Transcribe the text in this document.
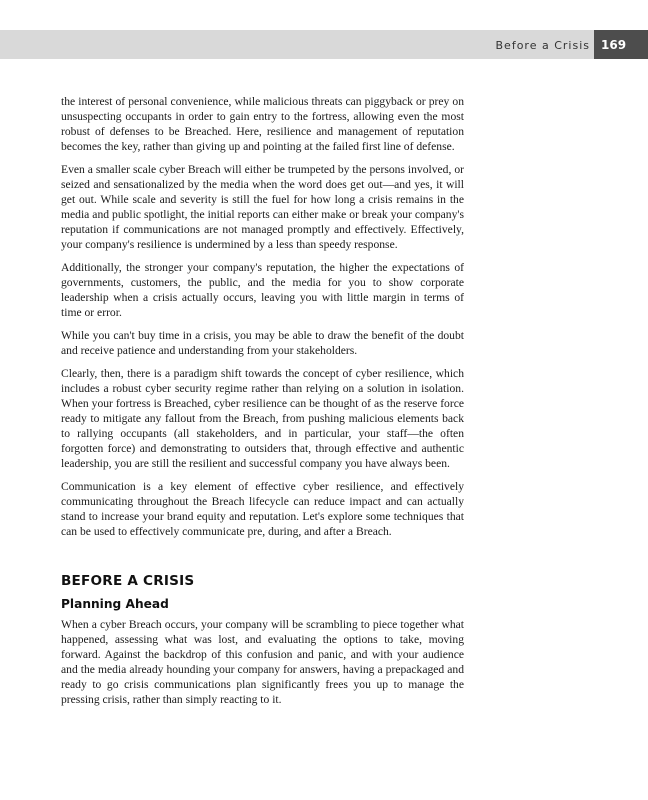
Before a Crisis 169

the interest of personal convenience, while malicious threats can piggyback or prey on unsuspecting occupants in order to gain entry to the fortress, allowing even the most robust of defenses to be Breached. Here, resilience and management of reputation becomes the key, rather than giving up and pointing at the failed first line of defense.

Even a smaller scale cyber Breach will either be trumpeted by the persons involved, or seized and sensationalized by the media when the word does get out—and yes, it will get out. While scale and severity is still the fuel for how long a crisis remains in the media and public spotlight, the initial reports can either make or break your company's reputation if communications are not managed promptly and effectively. Effectively, your company's resilience is undermined by a less than speedy response.

Additionally, the stronger your company's reputation, the higher the expectations of governments, customers, the public, and the media for you to show corporate leadership when a crisis actually occurs, leaving you with little margin in terms of time or error.

While you can't buy time in a crisis, you may be able to draw the benefit of the doubt and receive patience and understanding from your stakeholders.

Clearly, then, there is a paradigm shift towards the concept of cyber resilience, which includes a robust cyber security regime rather than relying on a solution in isolation. When your fortress is Breached, cyber resilience can be thought of as the reserve force ready to mitigate any fallout from the Breach, from pushing malicious elements back to rallying occupants (all stakeholders, and in particular, your staff—the often forgotten force) and demonstrating to outsiders that, through effective and authentic leadership, you are still the resilient and successful company you have always been.

Communication is a key element of effective cyber resilience, and effectively communicating throughout the Breach lifecycle can reduce impact and can actually stand to increase your brand equity and reputation. Let's explore some techniques that can be used to effectively communicate pre, during, and after a Breach.

BEFORE A CRISIS
Planning Ahead

When a cyber Breach occurs, your company will be scrambling to piece together what happened, assessing what was lost, and evaluating the options to take, moving forward. Against the backdrop of this confusion and panic, and with your audience and the media already hounding your company for answers, having a prepackaged and ready to go crisis communications plan significantly frees you up to manage the pressing crisis, rather than simply reacting to it.
